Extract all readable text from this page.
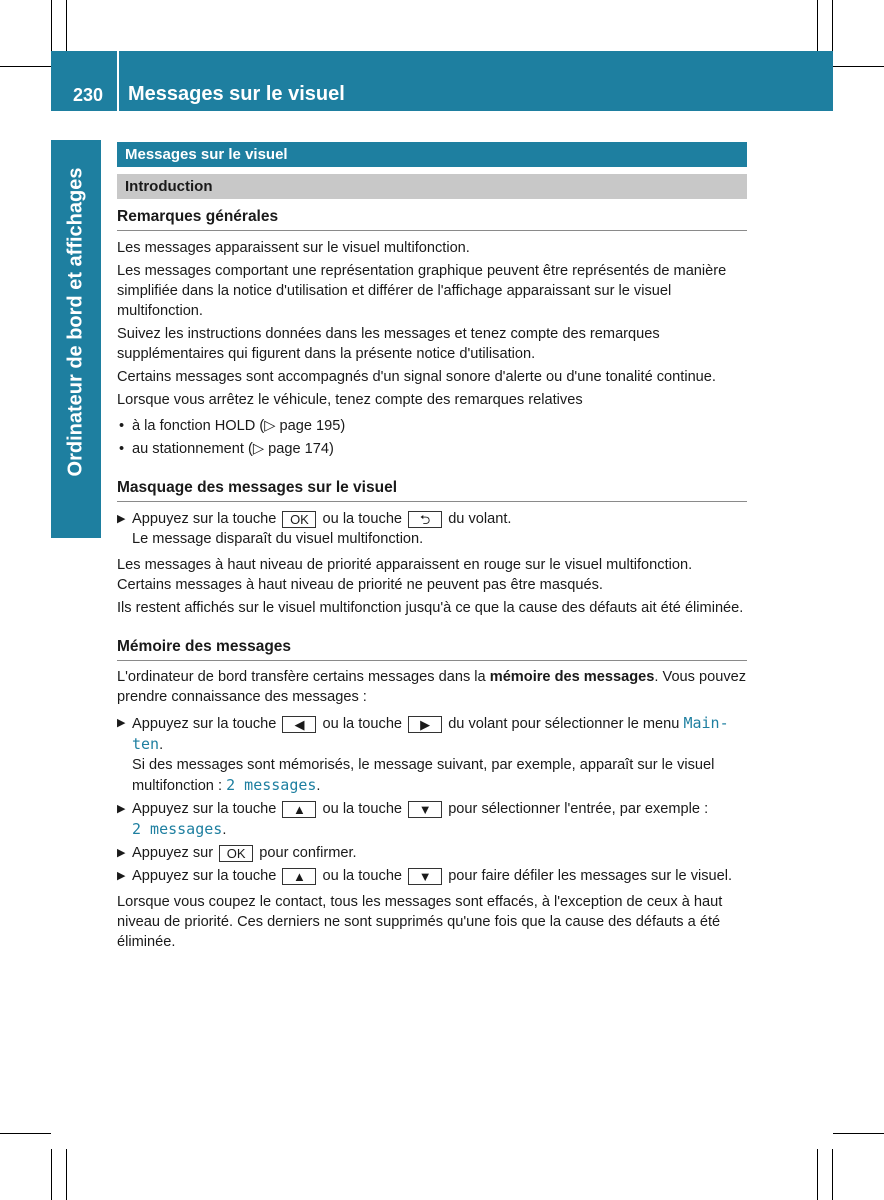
230 Messages sur le visuel
Ordinateur de bord et affichages
Messages sur le visuel
Introduction
Remarques générales

Les messages apparaissent sur le visuel multifonction.

Les messages comportant une représentation graphique peuvent être représentés de manière simplifiée dans la notice d'utilisation et différer de l'affichage apparaissant sur le visuel multifonction.

Suivez les instructions données dans les messages et tenez compte des remarques supplémentaires qui figurent dans la présente notice d'utilisation.

Certains messages sont accompagnés d'un signal sonore d'alerte ou d'une tonalité continue.

Lorsque vous arrêtez le véhicule, tenez compte des remarques relatives

• à la fonction HOLD (▷ page 195)
• au stationnement (▷ page 174)
Masquage des messages sur le visuel
▶ Appuyez sur la touche OK ou la touche ⮌ du volant.
Le message disparaît du visuel multifonction.

Les messages à haut niveau de priorité apparaissent en rouge sur le visuel multifonction. Certains messages à haut niveau de priorité ne peuvent pas être masqués.

Ils restent affichés sur le visuel multifonction jusqu'à ce que la cause des défauts ait été éliminée.

Mémoire des messages

L'ordinateur de bord transfère certains messages dans la mémoire des messages. Vous pouvez prendre connaissance des messages :

▶ Appuyez sur la touche ◀ ou la touche ▶ du volant pour sélectionner le menu Main-ten.
Si des messages sont mémorisés, le message suivant, par exemple, apparaît sur le visuel multifonction : 2 messages.
▶ Appuyez sur la touche ▲ ou la touche ▼ pour sélectionner l'entrée, par exemple :
2 messages.
▶ Appuyez sur OK pour confirmer.
▶ Appuyez sur la touche ▲ ou la touche ▼ pour faire défiler les messages sur le visuel.

Lorsque vous coupez le contact, tous les messages sont effacés, à l'exception de ceux à haut niveau de priorité. Ces derniers ne sont supprimés qu'une fois que la cause des défauts a été éliminée.
